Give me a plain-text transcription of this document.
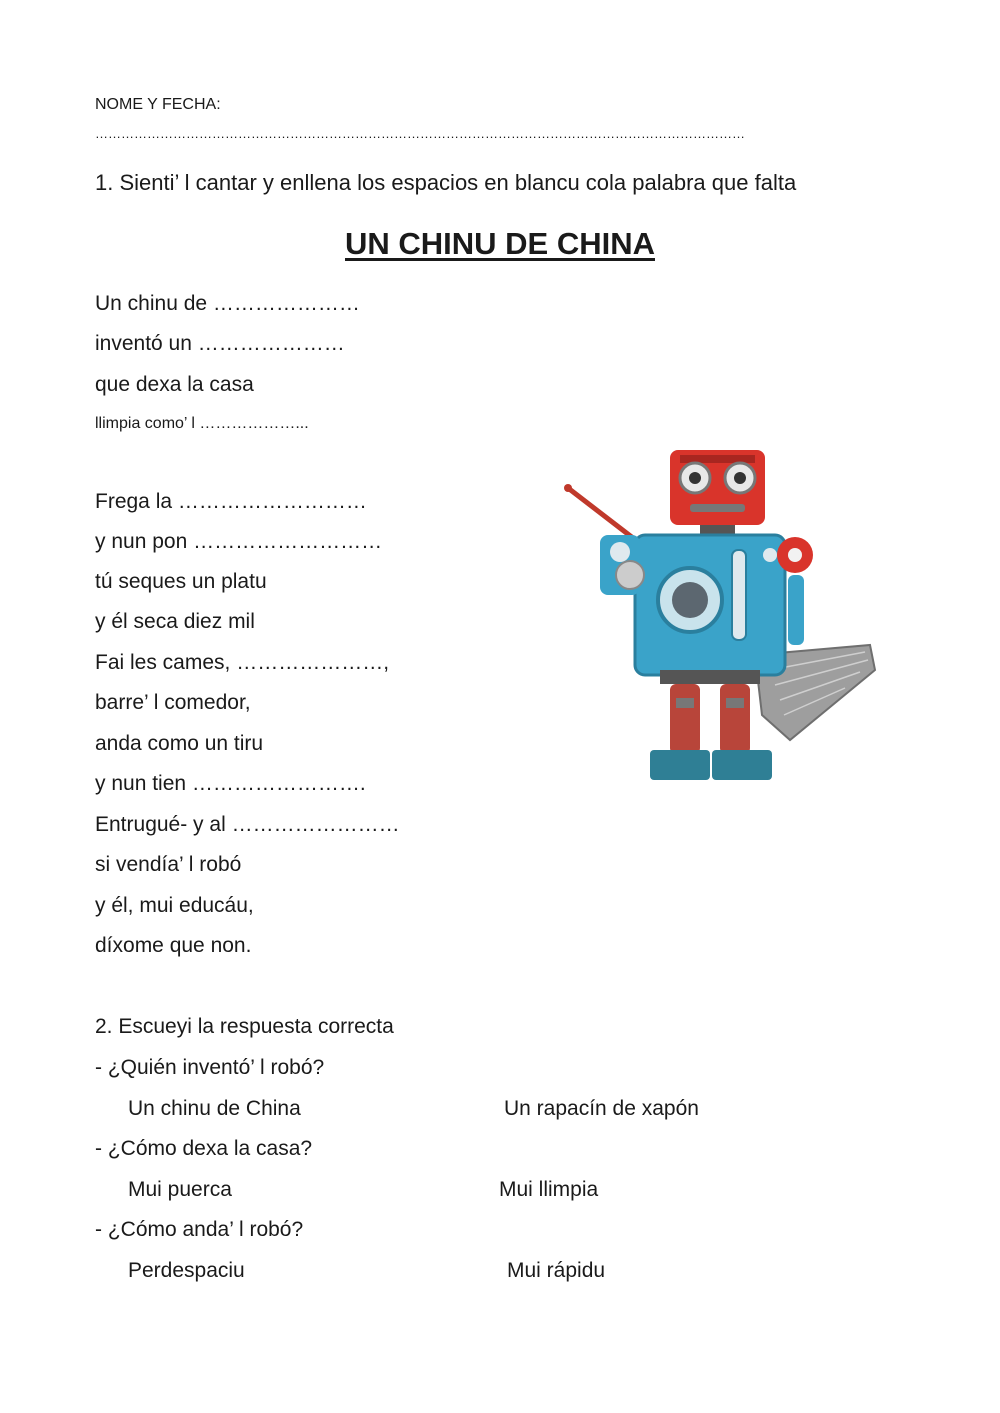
NOME Y FECHA:
……………………………………………………………………………………………………………………………………
1. Sienti’ l cantar y enllena los espacios en blancu cola palabra que falta
UN CHINU DE CHINA
Un chinu de …………………
inventó un …………………
que dexa la casa
llimpia como’ l ………………...
Frega la ………………………
y nun pon ………………………
tú seques un platu
y él seca diez mil
Fai les cames, …………………,
barre’ l comedor,
anda como un tiru
y nun tien …………………….
Entrugué- y al ……………………
si vendía’ l robó
y él, mui educáu,
díxome que non.
2. Escueyi la respuesta correcta
- ¿Quién inventó’ l robó?
Un chinu de China	Un rapacín de xapón
- ¿Cómo dexa la casa?
Mui puerca	Mui llimpia
- ¿Cómo anda’ l robó?
Perdespaciu	Mui rápidu
